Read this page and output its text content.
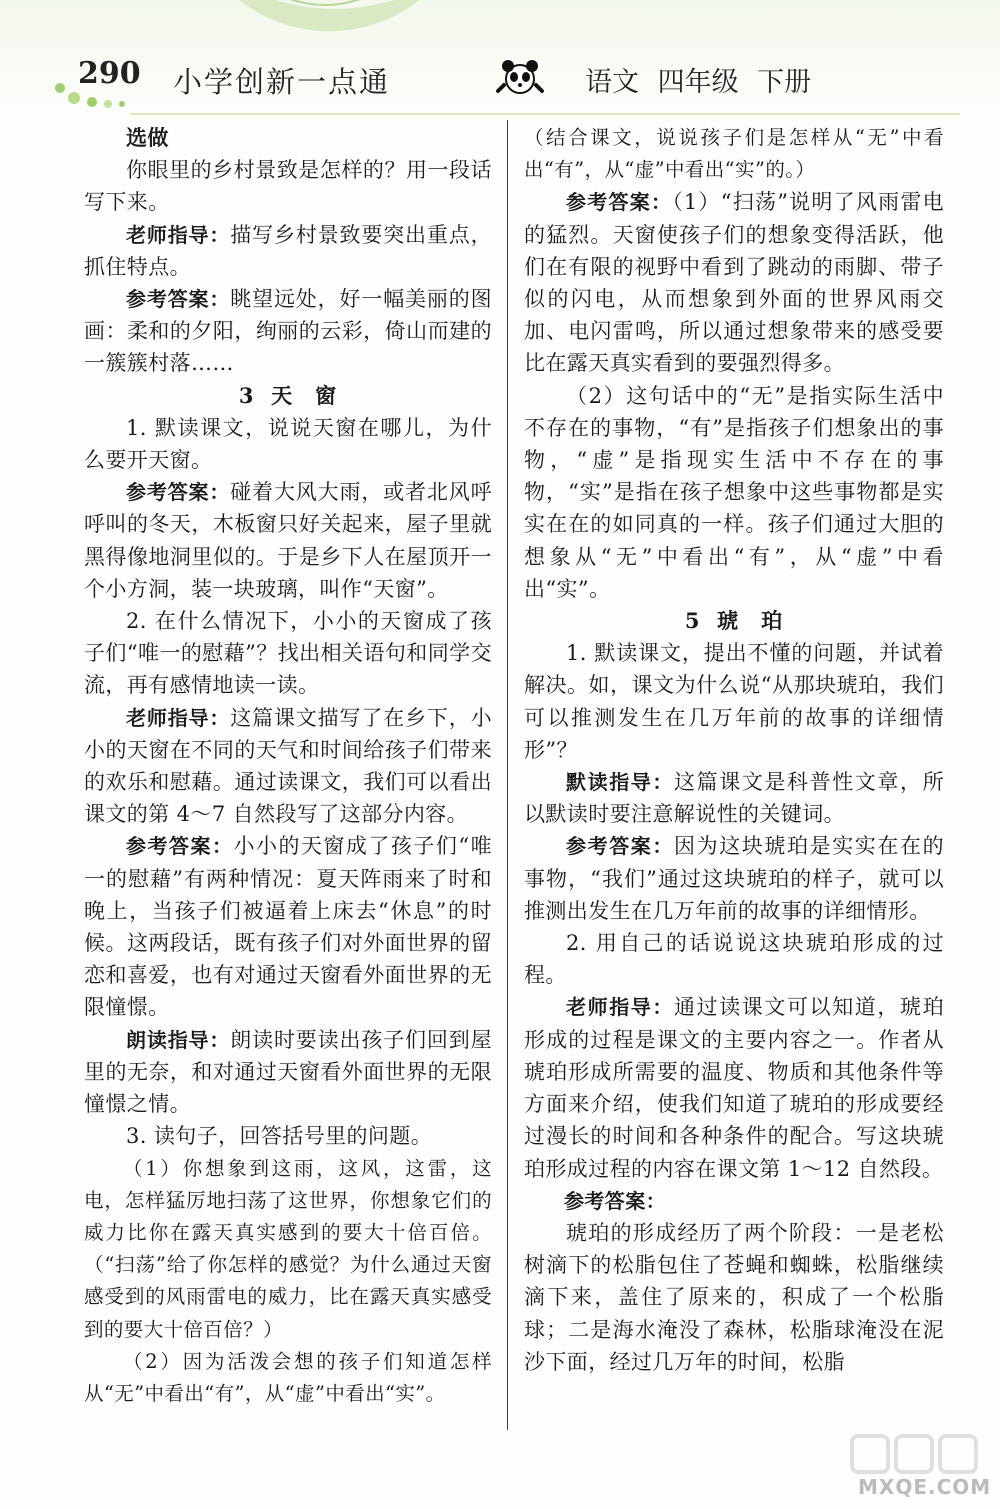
290 小学创新一点通	语文 四年级 下册

选做

你眼里的乡村景致是怎样的？用一段话写下来。

老师指导：描写乡村景致要突出重点，抓住特点。

参考答案：眺望远处，好一幅美丽的图画：柔和的夕阳，绚丽的云彩，倚山而建的一簇簇村落……

3 天　窗

1. 默读课文，说说天窗在哪儿，为什么要开天窗。

参考答案：碰着大风大雨，或者北风呼呼叫的冬天，木板窗只好关起来，屋子里就黑得像地洞里似的。于是乡下人在屋顶开一个小方洞，装一块玻璃，叫作“天窗”。

2. 在什么情况下，小小的天窗成了孩子们“唯一的慰藉”？找出相关语句和同学交流，再有感情地读一读。

老师指导：这篇课文描写了在乡下，小小的天窗在不同的天气和时间给孩子们带来的欢乐和慰藉。通过读课文，我们可以看出课文的第 4～7 自然段写了这部分内容。

参考答案：小小的天窗成了孩子们“唯一的慰藉”有两种情况：夏天阵雨来了时和晚上，当孩子们被逼着上床去“休息”的时候。这两段话，既有孩子们对外面世界的留恋和喜爱，也有对通过天窗看外面世界的无限憧憬。

朗读指导：朗读时要读出孩子们回到屋里的无奈，和对通过天窗看外面世界的无限憧憬之情。

3. 读句子，回答括号里的问题。

（1）你想象到这雨，这风，这雷，这电，怎样猛厉地扫荡了这世界，你想象它们的威力比你在露天真实感到的要大十倍百倍。（“扫荡”给了你怎样的感觉？为什么通过天窗感受到的风雨雷电的威力，比在露天真实感受到的要大十倍百倍？）

（2）因为活泼会想的孩子们知道怎样从“无”中看出“有”，从“虚”中看出“实”。

（结合课文，说说孩子们是怎样从“无”中看出“有”，从“虚”中看出“实”的。）

参考答案：（1）“扫荡”说明了风雨雷电的猛烈。天窗使孩子们的想象变得活跃，他们在有限的视野中看到了跳动的雨脚、带子似的闪电，从而想象到外面的世界风雨交加、电闪雷鸣，所以通过想象带来的感受要比在露天真实看到的要强烈得多。

（2）这句话中的“无”是指实际生活中不存在的事物，“有”是指孩子们想象出的事物，“虚”是指现实生活中不存在的事物，“实”是指在孩子想象中这些事物都是实实在在的如同真的一样。孩子们通过大胆的想象从“无”中看出“有”，从“虚”中看出“实”。

5 琥　珀

1. 默读课文，提出不懂的问题，并试着解决。如，课文为什么说“从那块琥珀，我们可以推测发生在几万年前的故事的详细情形”？

默读指导：这篇课文是科普性文章，所以默读时要注意解说性的关键词。

参考答案：因为这块琥珀是实实在在的事物，“我们”通过这块琥珀的样子，就可以推测出发生在几万年前的故事的详细情形。

2. 用自己的话说说这块琥珀形成的过程。

老师指导：通过读课文可以知道，琥珀形成的过程是课文的主要内容之一。作者从琥珀形成所需要的温度、物质和其他条件等方面来介绍，使我们知道了琥珀的形成要经过漫长的时间和各种条件的配合。写这块琥珀形成过程的内容在课文第 1～12 自然段。

参考答案：

琥珀的形成经历了两个阶段：一是老松树滴下的松脂包住了苍蝇和蜘蛛，松脂继续滴下来，盖住了原来的，积成了一个松脂球；二是海水淹没了森林，松脂球淹没在泥沙下面，经过几万年的时间，松脂

MXQE.COM
